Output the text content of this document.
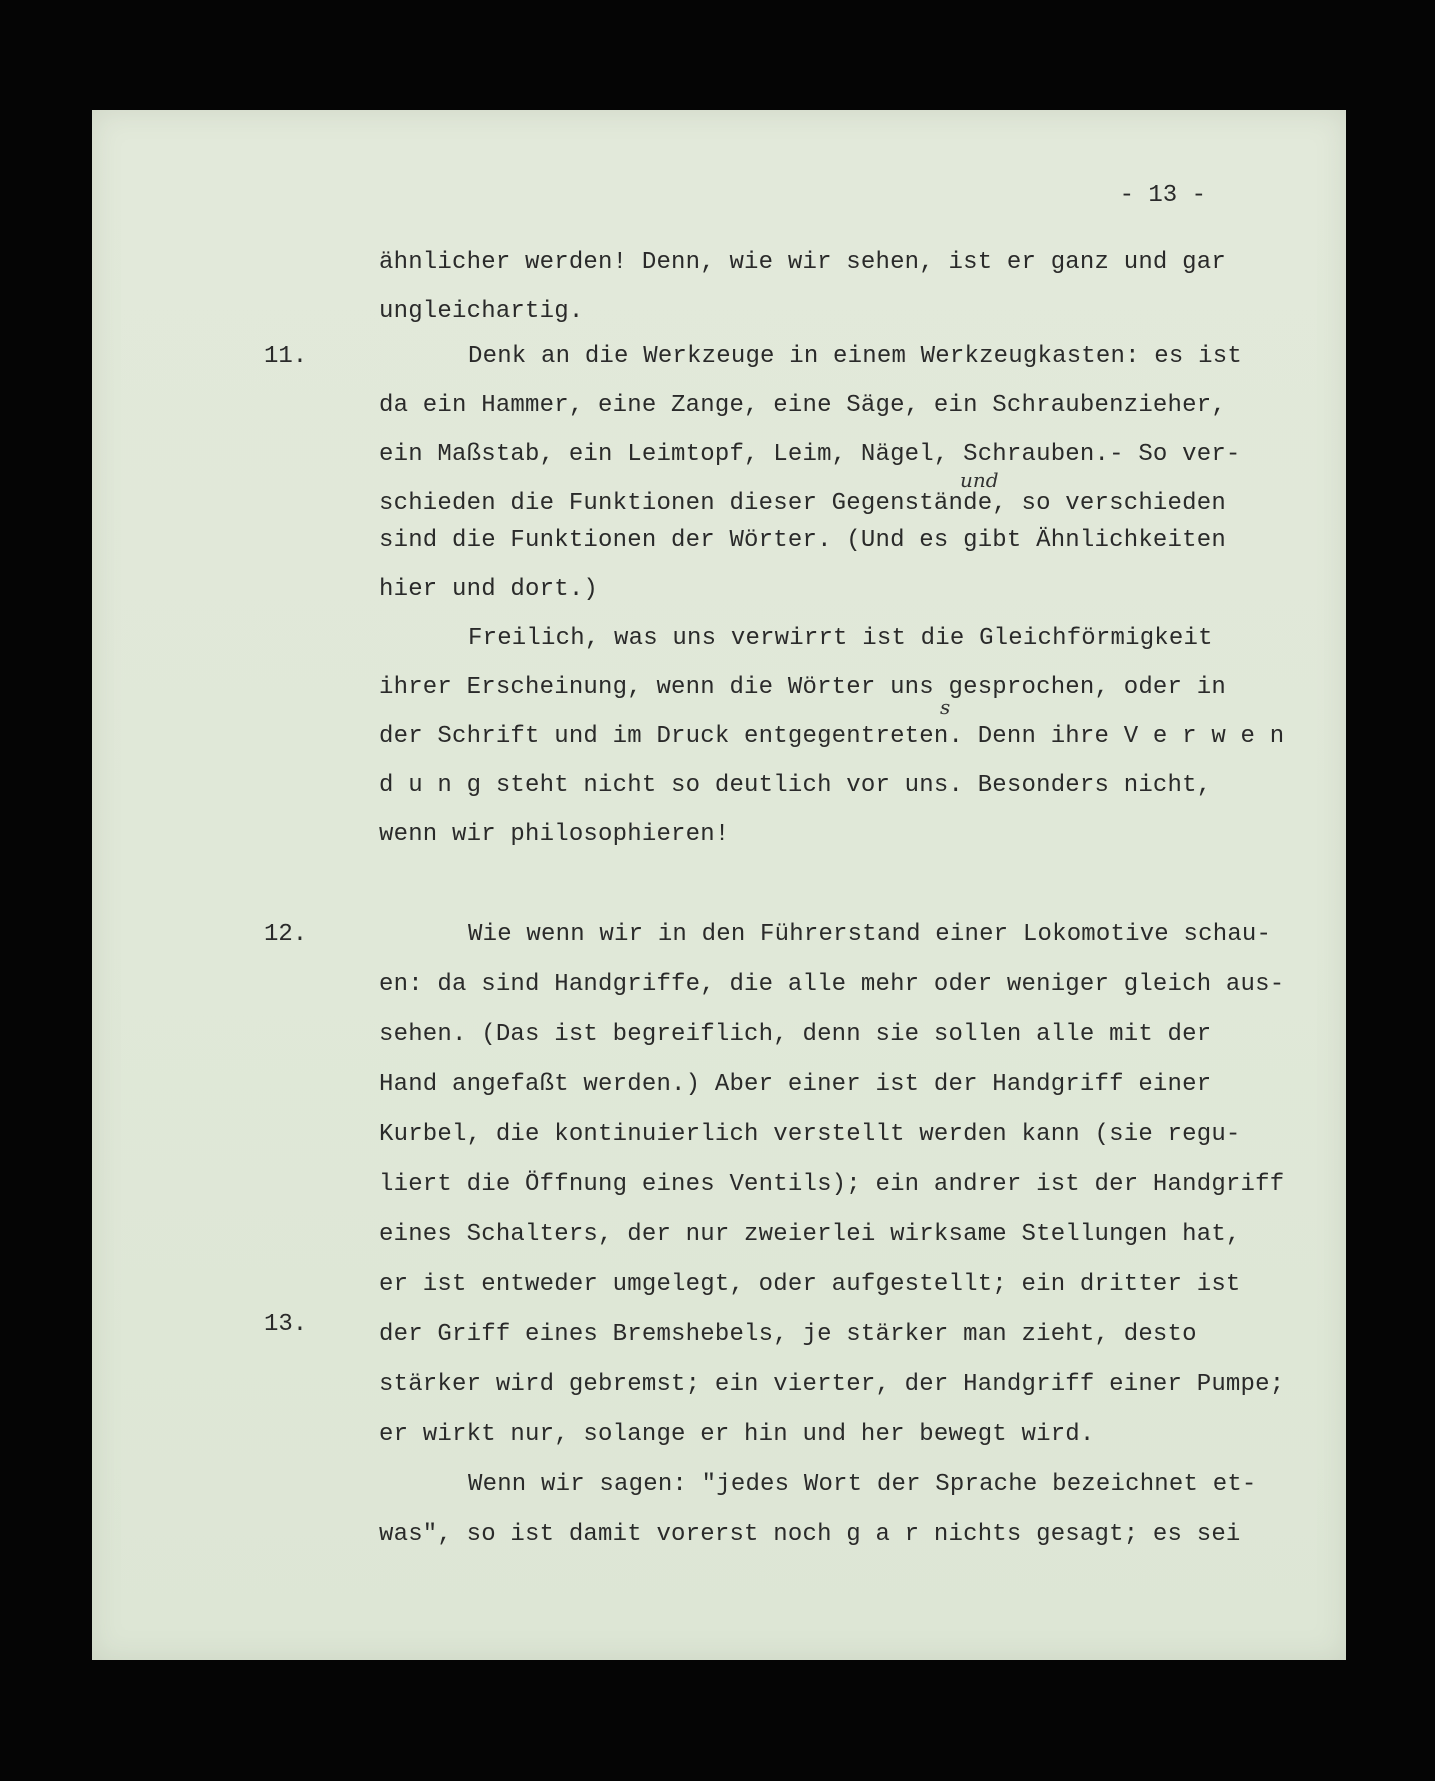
- 13 -
und
s
11.
12.
13.
ähnlicher werden! Denn, wie wir sehen, ist er ganz und gar
ungleichartig.
Denk an die Werkzeuge in einem Werkzeugkasten: es ist
da ein Hammer, eine Zange, eine Säge, ein Schraubenzieher,
ein Maßstab, ein Leimtopf, Leim, Nägel, Schrauben.- So ver-
schieden die Funktionen dieser Gegenstände, so verschieden
sind die Funktionen der Wörter. (Und es gibt Ähnlichkeiten
hier und dort.)
Freilich, was uns verwirrt ist die Gleichförmigkeit
ihrer Erscheinung, wenn die Wörter uns gesprochen, oder in
der Schrift und im Druck entgegentreten. Denn ihre V e r w e n
d u n g steht nicht so deutlich vor uns. Besonders nicht,
wenn wir philosophieren!
Wie wenn wir in den Führerstand einer Lokomotive schau-
en: da sind Handgriffe, die alle mehr oder weniger gleich aus-
sehen. (Das ist begreiflich, denn sie sollen alle mit der
Hand angefaßt werden.) Aber einer ist der Handgriff einer
Kurbel, die kontinuierlich verstellt werden kann (sie regu-
liert die Öffnung eines Ventils); ein andrer ist der Handgriff
eines Schalters, der nur zweierlei wirksame Stellungen hat,
er ist entweder umgelegt, oder aufgestellt; ein dritter ist
der Griff eines Bremshebels, je stärker man zieht, desto
stärker wird gebremst; ein vierter, der Handgriff einer Pumpe;
er wirkt nur, solange er hin und her bewegt wird.
Wenn wir sagen: "jedes Wort der Sprache bezeichnet et-
was", so ist damit vorerst noch g a r nichts gesagt; es sei
